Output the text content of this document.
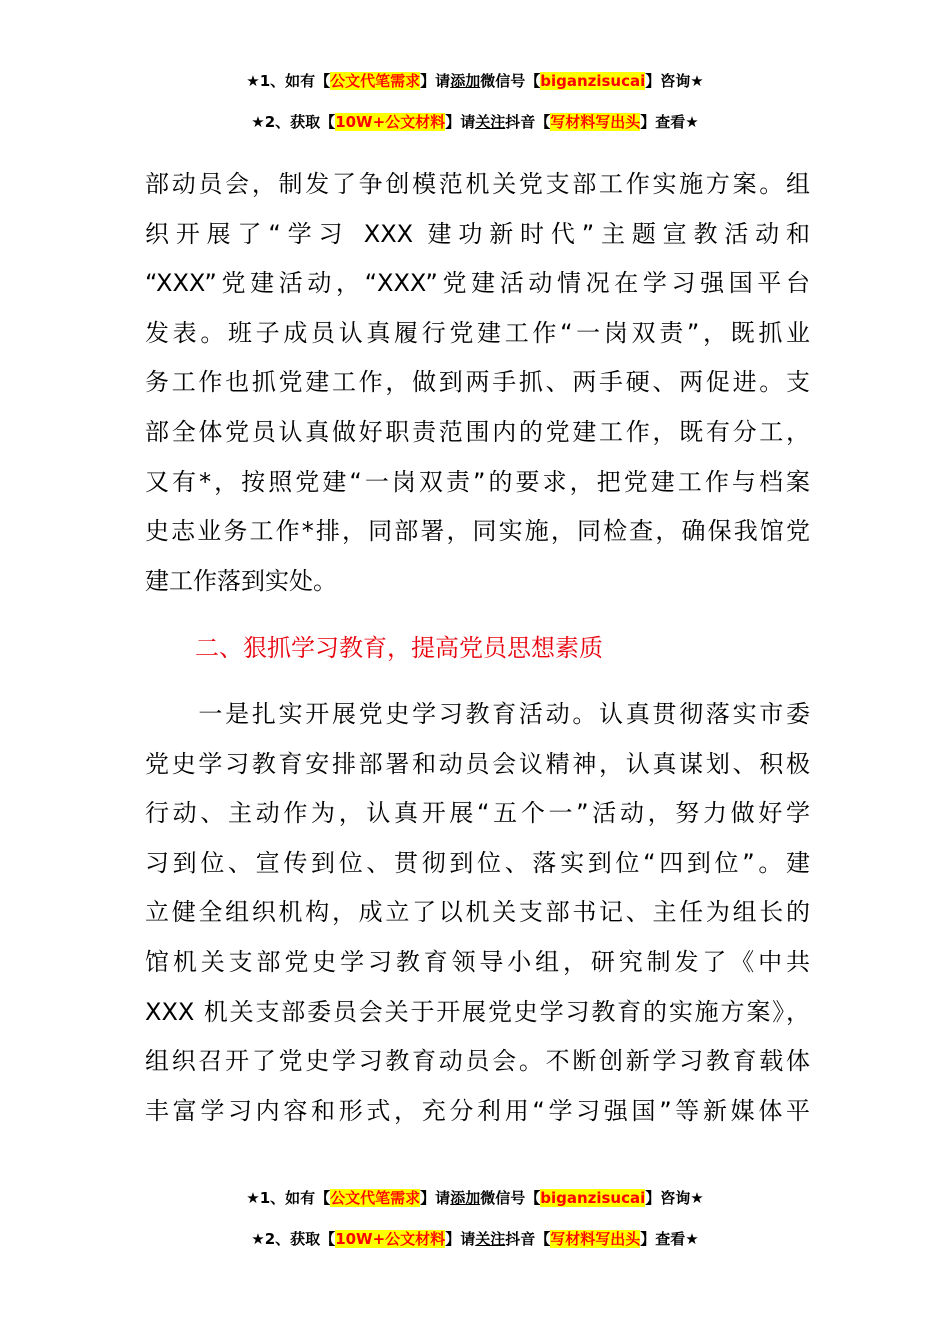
★1、如有【公文代笔需求】请添加微信号【biganzisucai】咨询★
★2、获取【10W+公文材料】请关注抖音【写材料写出头】查看★
部动员会，制发了争创模范机关党支部工作实施方案。组
织开展了“学习 XXX 建功新时代”主题宣教活动和
“XXX”党建活动，“XXX”党建活动情况在学习强国平台
发表。班子成员认真履行党建工作“一岗双责”，既抓业
务工作也抓党建工作，做到两手抓、两手硬、两促进。支
部全体党员认真做好职责范围内的党建工作，既有分工，
又有*，按照党建“一岗双责”的要求，把党建工作与档案
史志业务工作*排，同部署，同实施，同检查，确保我馆党
建工作落到实处。
二、狠抓学习教育，提高党员思想素质
　　一是扎实开展党史学习教育活动。认真贯彻落实市委
党史学习教育安排部署和动员会议精神，认真谋划、积极
行动、主动作为，认真开展“五个一”活动，努力做好学
习到位、宣传到位、贯彻到位、落实到位“四到位”。建
立健全组织机构，成立了以机关支部书记、主任为组长的
馆机关支部党史学习教育领导小组，研究制发了《中共
XXX 机关支部委员会关于开展党史学习教育的实施方案》，
组织召开了党史学习教育动员会。不断创新学习教育载体
丰富学习内容和形式，充分利用“学习强国”等新媒体平
★1、如有【公文代笔需求】请添加微信号【biganzisucai】咨询★
★2、获取【10W+公文材料】请关注抖音【写材料写出头】查看★
